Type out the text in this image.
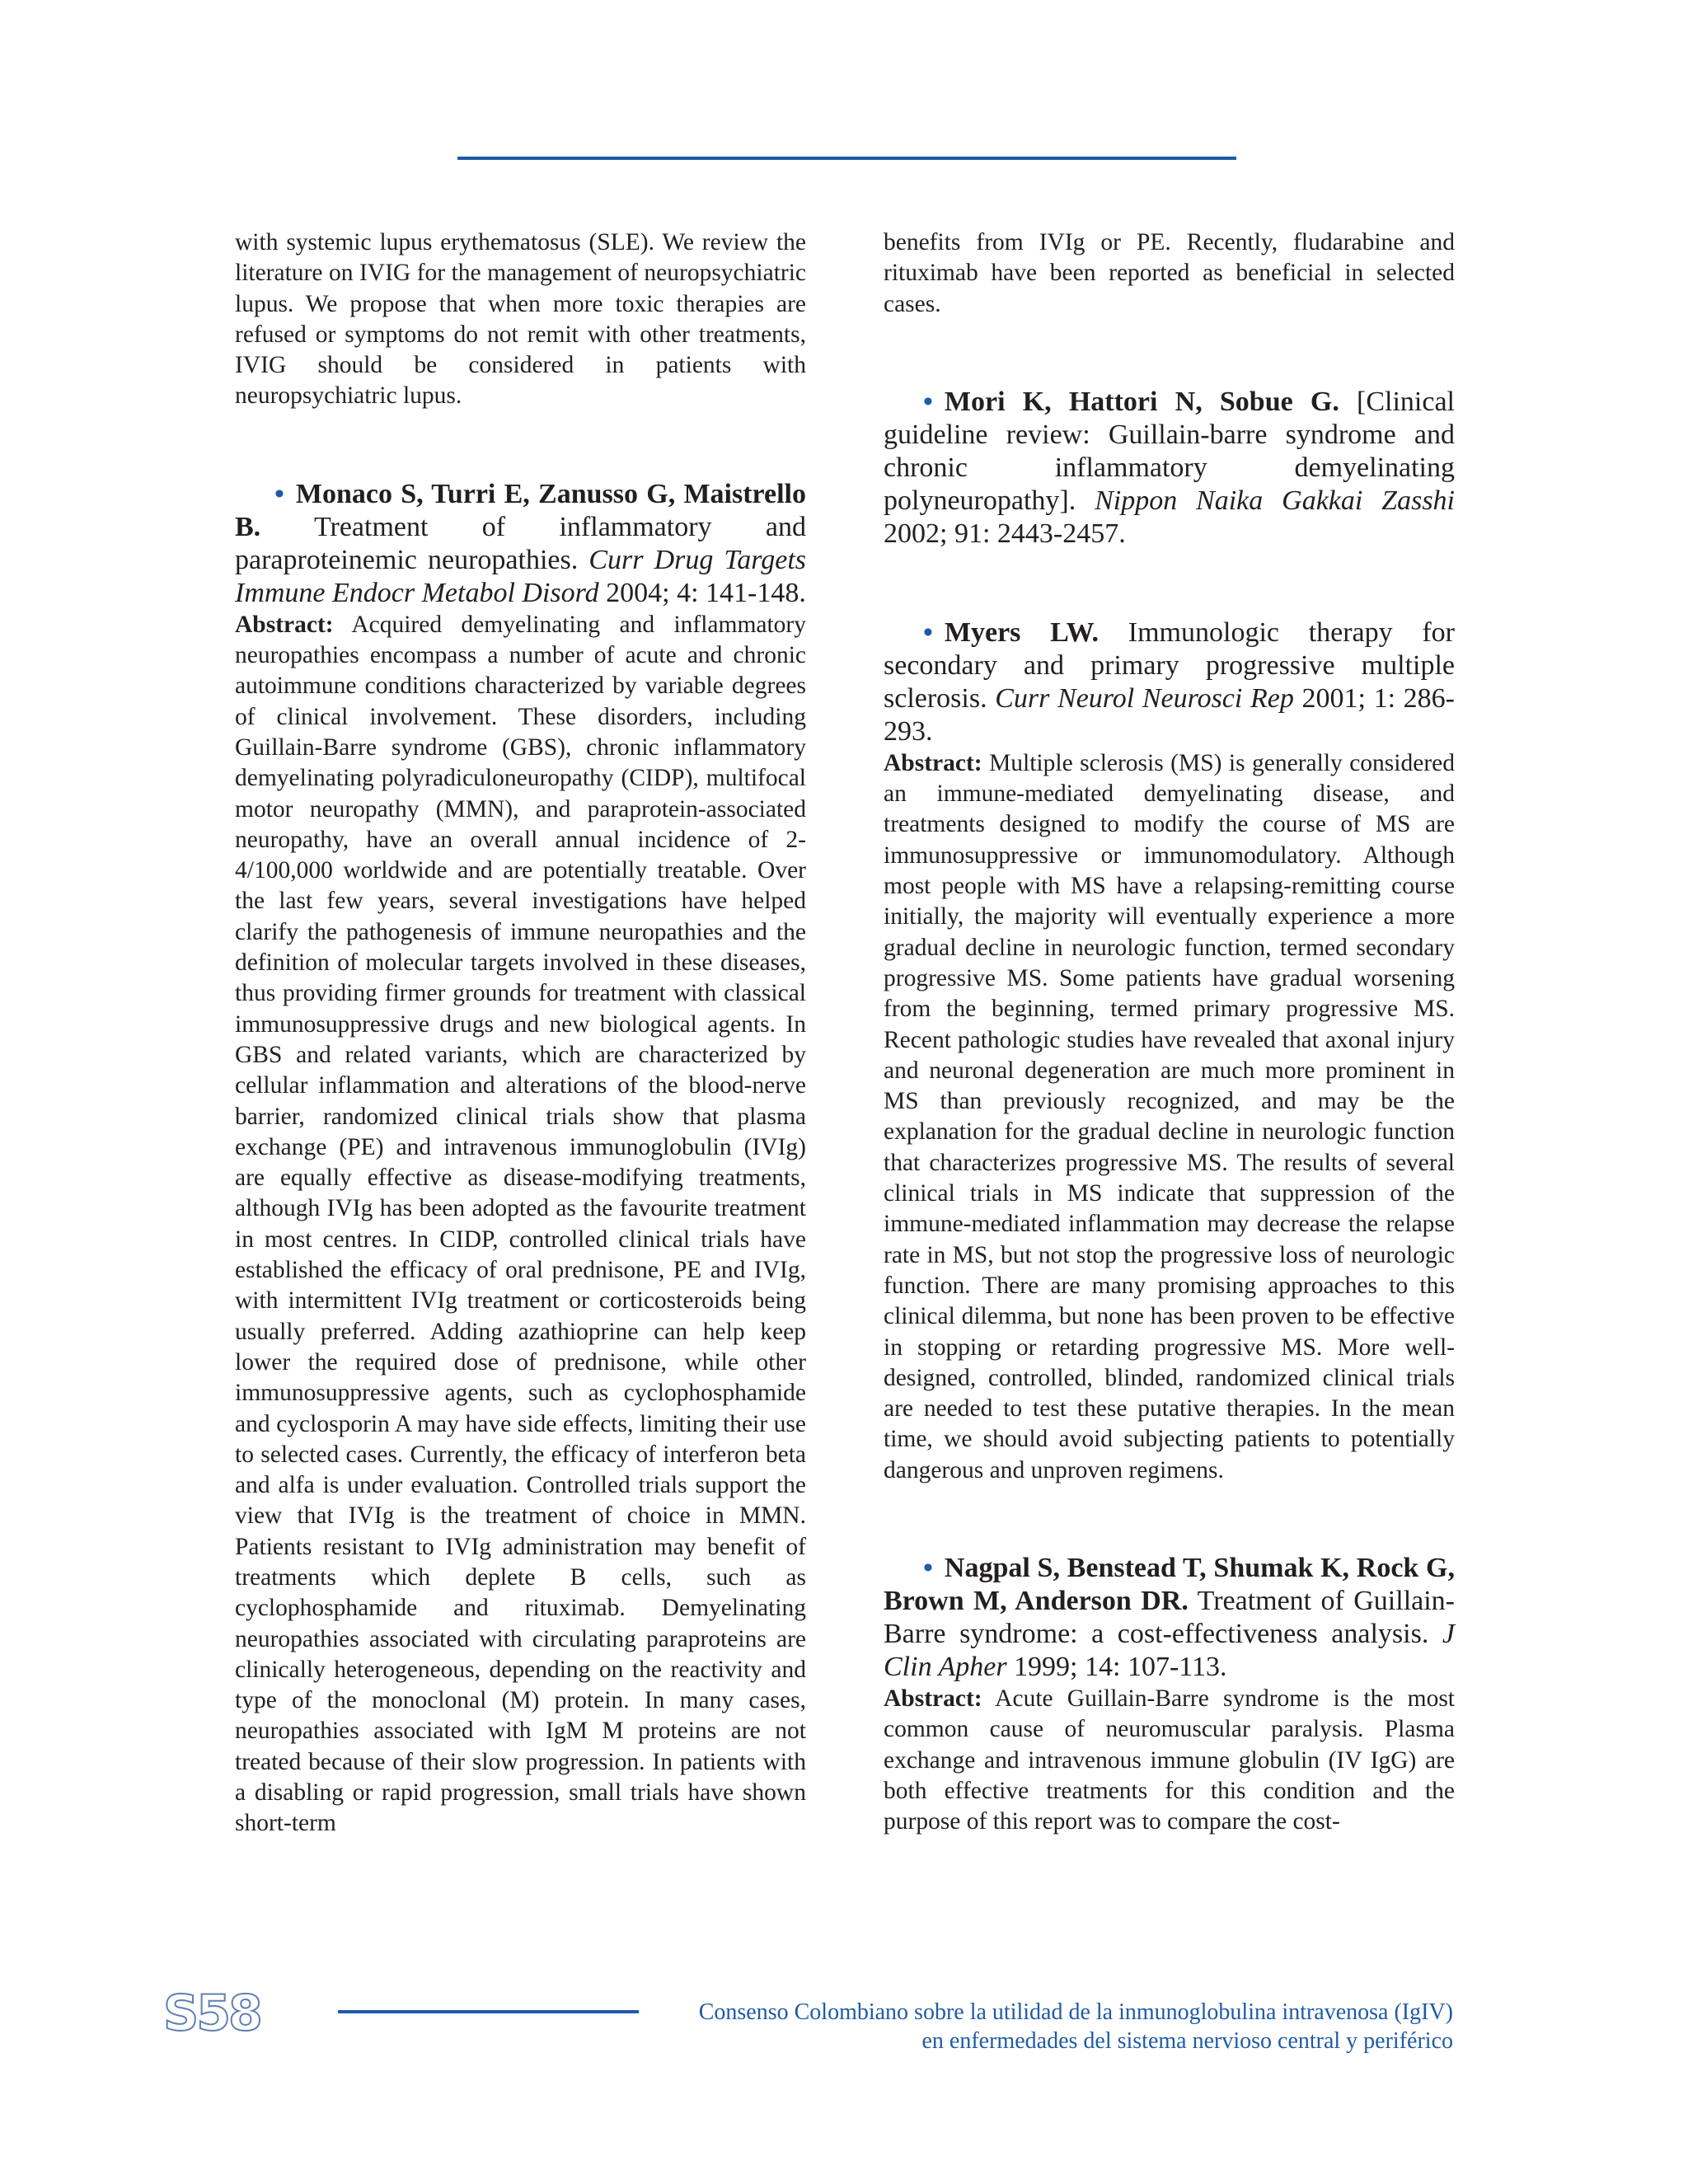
with systemic lupus erythematosus (SLE). We review the literature on IVIG for the management of neuropsychiatric lupus. We propose that when more toxic therapies are refused or symptoms do not remit with other treatments, IVIG should be considered in patients with neuropsychiatric lupus.

• Monaco S, Turri E, Zanusso G, Maistrello B. Treatment of inflammatory and paraproteinemic neuropathies. Curr Drug Targets Immune Endocr Metabol Disord 2004; 4: 141-148.

Abstract: Acquired demyelinating and inflammatory neuropathies encompass a number of acute and chronic autoimmune conditions characterized by variable degrees of clinical involvement. These disorders, including Guillain-Barre syndrome (GBS), chronic inflammatory demyelinating polyradiculoneuropathy (CIDP), multifocal motor neuropathy (MMN), and paraprotein-associated neuropathy, have an overall annual incidence of 2-4/100,000 worldwide and are potentially treatable. Over the last few years, several investigations have helped clarify the pathogenesis of immune neuropathies and the definition of molecular targets involved in these diseases, thus providing firmer grounds for treatment with classical immunosuppressive drugs and new biological agents. In GBS and related variants, which are characterized by cellular inflammation and alterations of the blood-nerve barrier, randomized clinical trials show that plasma exchange (PE) and intravenous immunoglobulin (IVIg) are equally effective as disease-modifying treatments, although IVIg has been adopted as the favourite treatment in most centres. In CIDP, controlled clinical trials have established the efficacy of oral prednisone, PE and IVIg, with intermittent IVIg treatment or corticosteroids being usually preferred. Adding azathioprine can help keep lower the required dose of prednisone, while other immunosuppressive agents, such as cyclophosphamide and cyclosporin A may have side effects, limiting their use to selected cases. Currently, the efficacy of interferon beta and alfa is under evaluation. Controlled trials support the view that IVIg is the treatment of choice in MMN. Patients resistant to IVIg administration may benefit of treatments which deplete B cells, such as cyclophosphamide and rituximab. Demyelinating neuropathies associated with circulating paraproteins are clinically heterogeneous, depending on the reactivity and type of the monoclonal (M) protein. In many cases, neuropathies associated with IgM M proteins are not treated because of their slow progression. In patients with a disabling or rapid progression, small trials have shown short-term

benefits from IVIg or PE. Recently, fludarabine and rituximab have been reported as beneficial in selected cases.

• Mori K, Hattori N, Sobue G. [Clinical guideline review: Guillain-barre syndrome and chronic inflammatory demyelinating polyneuropathy]. Nippon Naika Gakkai Zasshi 2002; 91: 2443-2457.

• Myers LW. Immunologic therapy for secondary and primary progressive multiple sclerosis. Curr Neurol Neurosci Rep 2001; 1: 286-293.

Abstract: Multiple sclerosis (MS) is generally considered an immune-mediated demyelinating disease, and treatments designed to modify the course of MS are immunosuppressive or immunomodulatory. Although most people with MS have a relapsing-remitting course initially, the majority will eventually experience a more gradual decline in neurologic function, termed secondary progressive MS. Some patients have gradual worsening from the beginning, termed primary progressive MS. Recent pathologic studies have revealed that axonal injury and neuronal degeneration are much more prominent in MS than previously recognized, and may be the explanation for the gradual decline in neurologic function that characterizes progressive MS. The results of several clinical trials in MS indicate that suppression of the immune-mediated inflammation may decrease the relapse rate in MS, but not stop the progressive loss of neurologic function. There are many promising approaches to this clinical dilemma, but none has been proven to be effective in stopping or retarding progressive MS. More well-designed, controlled, blinded, randomized clinical trials are needed to test these putative therapies. In the mean time, we should avoid subjecting patients to potentially dangerous and unproven regimens.

• Nagpal S, Benstead T, Shumak K, Rock G, Brown M, Anderson DR. Treatment of Guillain-Barre syndrome: a cost-effectiveness analysis. J Clin Apher 1999; 14: 107-113.

Abstract: Acute Guillain-Barre syndrome is the most common cause of neuromuscular paralysis. Plasma exchange and intravenous immune globulin (IV IgG) are both effective treatments for this condition and the purpose of this report was to compare the cost-

S58	Consenso Colombiano sobre la utilidad de la inmunoglobulina intravenosa (IgIV)
en enfermedades del sistema nervioso central y periférico
